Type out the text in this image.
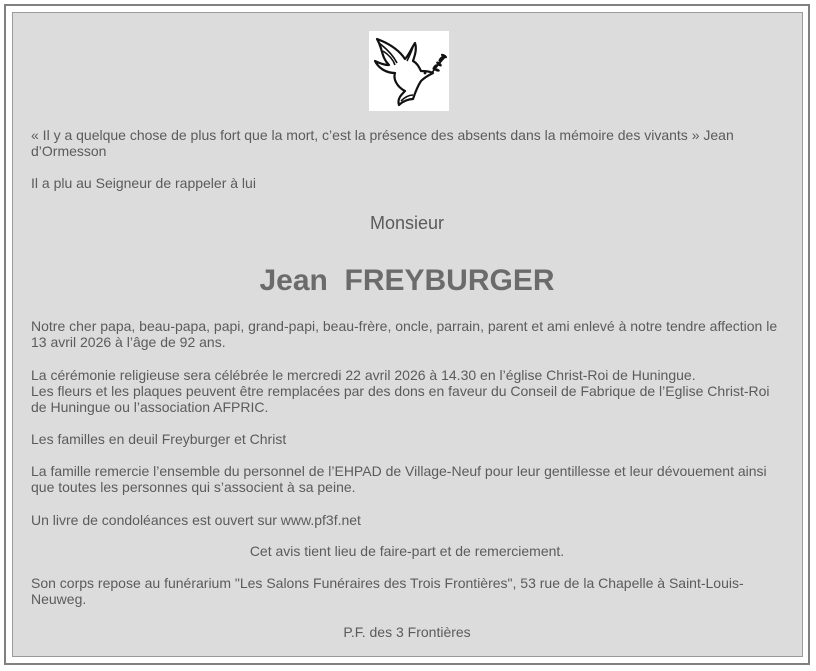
« Il y a quelque chose de plus fort que la mort, c’est la présence des absents dans la mémoire des vivants » Jean d’Ormesson
Il a plu au Seigneur de rappeler à lui
Monsieur
Jean  FREYBURGER
Notre cher papa, beau-papa, papi, grand-papi, beau-frère, oncle, parrain, parent et ami enlevé à notre tendre affection le 13 avril 2026 à l’âge de 92 ans.
La cérémonie religieuse sera célébrée le mercredi 22 avril 2026 à 14.30 en l’église Christ-Roi de Huningue.
Les fleurs et les plaques peuvent être remplacées par des dons en faveur du Conseil de Fabrique de l’Eglise Christ-Roi de Huningue ou l’association AFPRIC.
Les familles en deuil Freyburger et Christ
La famille remercie l’ensemble du personnel de l’EHPAD de Village-Neuf pour leur gentillesse et leur dévouement ainsi que toutes les personnes qui s’associent à sa peine.
Un livre de condoléances est ouvert sur www.pf3f.net
Cet avis tient lieu de faire-part et de remerciement.
Son corps repose au funérarium "Les Salons Funéraires des Trois Frontières", 53 rue de la Chapelle à Saint-Louis-Neuweg.
P.F. des 3 Frontières
